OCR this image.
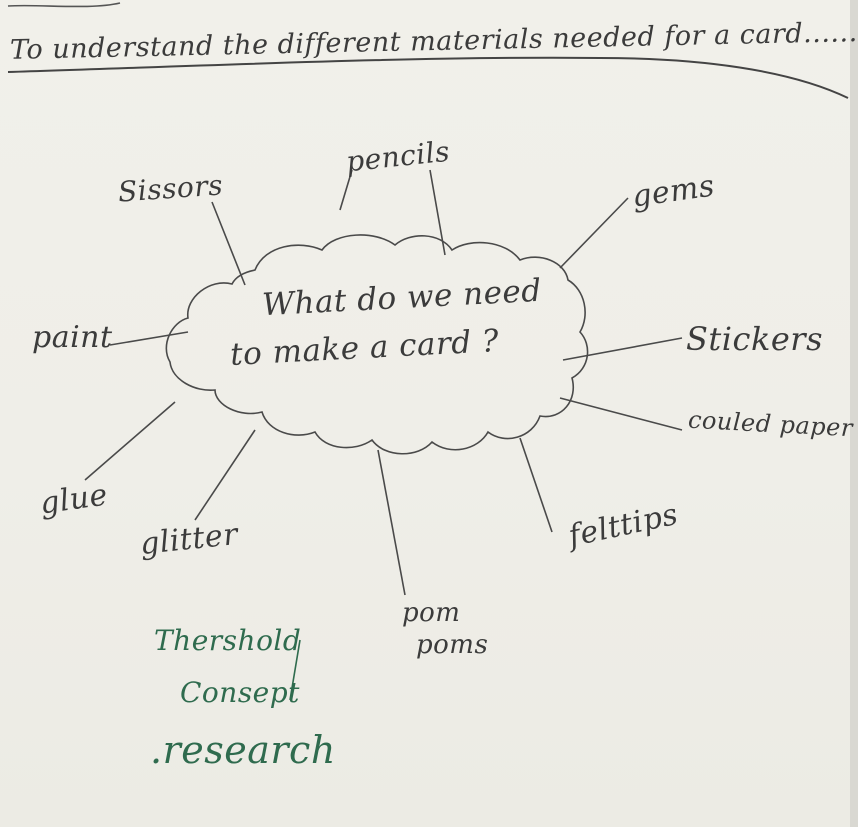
To understand the different materials needed for a card......
What do we need
to make a card ?
Sissors
pencils
gems
Stickers
couled paper
felttips
pom
poms
glitter
glue
paint
Thershold
Consept
.research
